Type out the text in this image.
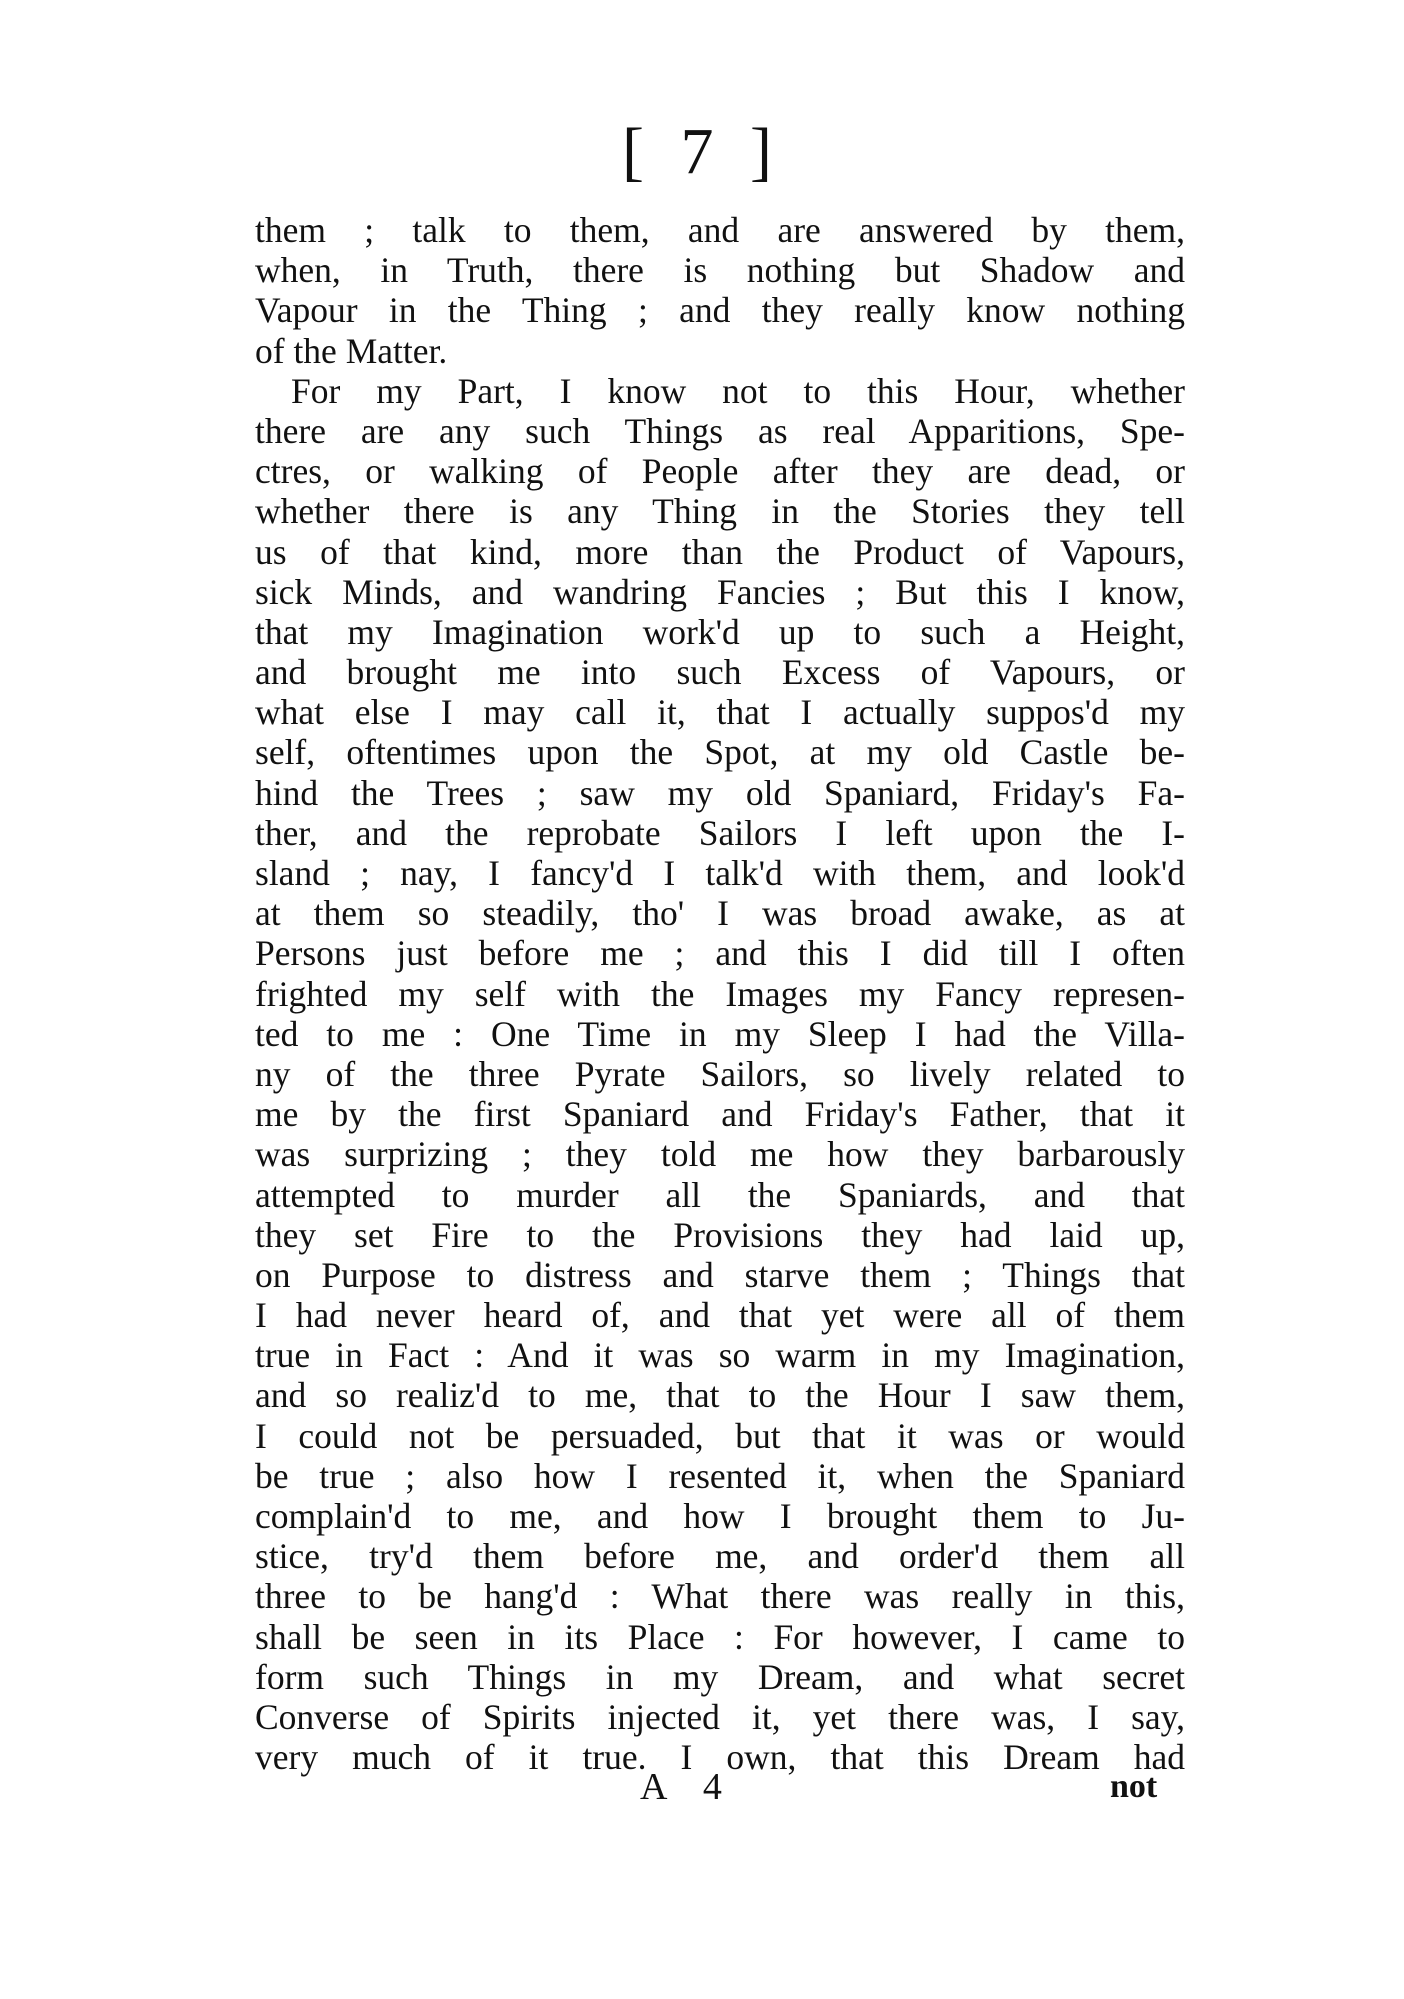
[ 7 ]
them ; talk to them, and are answered by them,
when, in Truth, there is nothing but Shadow and
Vapour in the Thing ; and they really know nothing
of the Matter.
For my Part, I know not to this Hour, whether
there are any such Things as real Apparitions, Spe-
ctres, or walking of People after they are dead, or
whether there is any Thing in the Stories they tell
us of that kind, more than the Product of Vapours,
sick Minds, and wandring Fancies ; But this I know,
that my Imagination work'd up to such a Height,
and brought me into such Excess of Vapours, or
what else I may call it, that I actually suppos'd my
self, oftentimes upon the Spot, at my old Castle be-
hind the Trees ; saw my old Spaniard, Friday's Fa-
ther, and the reprobate Sailors I left upon the I-
sland ; nay, I fancy'd I talk'd with them, and look'd
at them so steadily, tho' I was broad awake, as at
Persons just before me ; and this I did till I often
frighted my self with the Images my Fancy represen-
ted to me : One Time in my Sleep I had the Villa-
ny of the three Pyrate Sailors, so lively related to
me by the first Spaniard and Friday's Father, that it
was surprizing ; they told me how they barbarously
attempted to murder all the Spaniards, and that
they set Fire to the Provisions they had laid up,
on Purpose to distress and starve them ; Things that
I had never heard of, and that yet were all of them
true in Fact : And it was so warm in my Imagination,
and so realiz'd to me, that to the Hour I saw them,
I could not be persuaded, but that it was or would
be true ; also how I resented it, when the Spaniard
complain'd to me, and how I brought them to Ju-
stice, try'd them before me, and order'd them all
three to be hang'd : What there was really in this,
shall be seen in its Place : For however, I came to
form such Things in my Dream, and what secret
Converse of Spirits injected it, yet there was, I say,
very much of it true. I own, that this Dream had
A 4	not
